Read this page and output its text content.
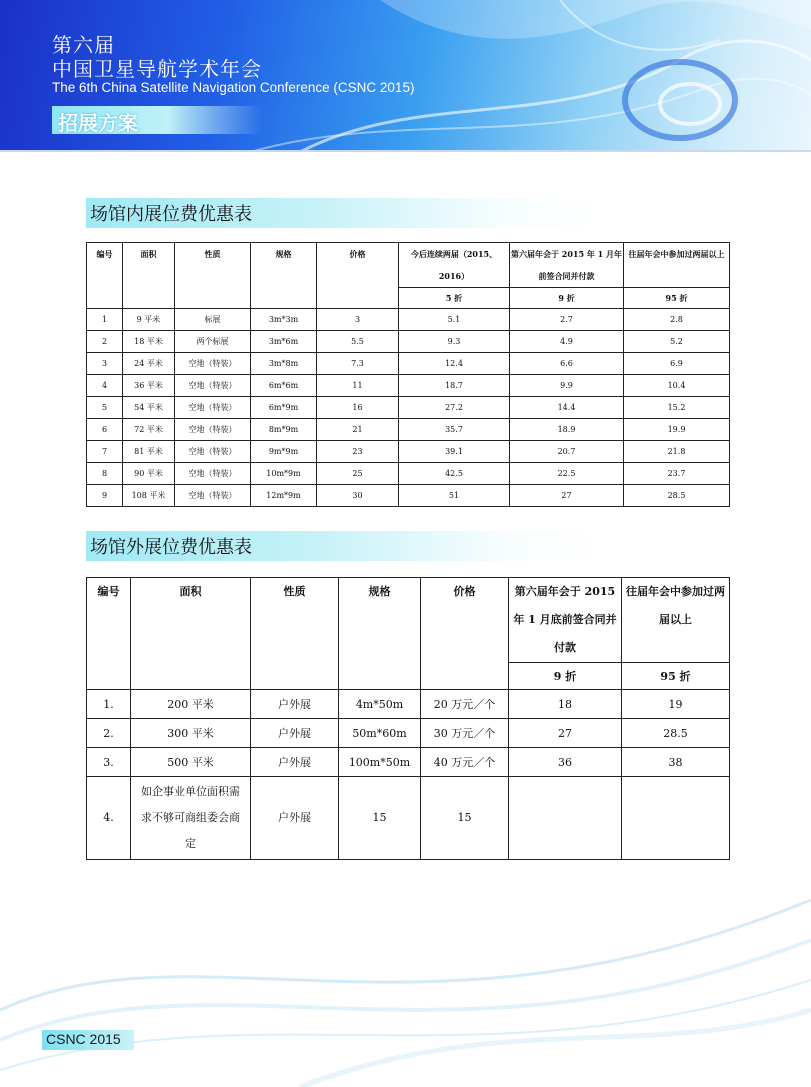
第六届
中国卫星导航学术年会
The 6th China Satellite Navigation Conference (CSNC 2015)
招展方案
场馆内展位费优惠表
编号	面积	性质	规格	价格	今后连续两届（2015、2016）	第六届年会于 2015 年 1 月年前签合同并付款	往届年会中参加过两届以上
					5 折	9 折	95 折
1	9 平米	标展	3m*3m	3	5.1	2.7	2.8
2	18 平米	两个标展	3m*6m	5.5	9.3	4.9	5.2
3	24 平米	空地（特装）	3m*8m	7.3	12.4	6.6	6.9
4	36 平米	空地（特装）	6m*6m	11	18.7	9.9	10.4
5	54 平米	空地（特装）	6m*9m	16	27.2	14.4	15.2
6	72 平米	空地（特装）	8m*9m	21	35.7	18.9	19.9
7	81 平米	空地（特装）	9m*9m	23	39.1	20.7	21.8
8	90 平米	空地（特装）	10m*9m	25	42.5	22.5	23.7
9	108 平米	空地（特装）	12m*9m	30	51	27	28.5
场馆外展位费优惠表
编号	面积	性质	规格	价格	第六届年会于 2015 年 1 月底前签合同并付款	往届年会中参加过两届以上
					9 折	95 折
1.	200 平米	户外展	4m*50m	20 万元／个	18	19
2.	300 平米	户外展	50m*60m	30 万元／个	27	28.5
3.	500 平米	户外展	100m*50m	40 万元／个	36	38
4.	如企事业单位面积需求不够可商组委会商定	户外展	15	15		
CSNC 2015
